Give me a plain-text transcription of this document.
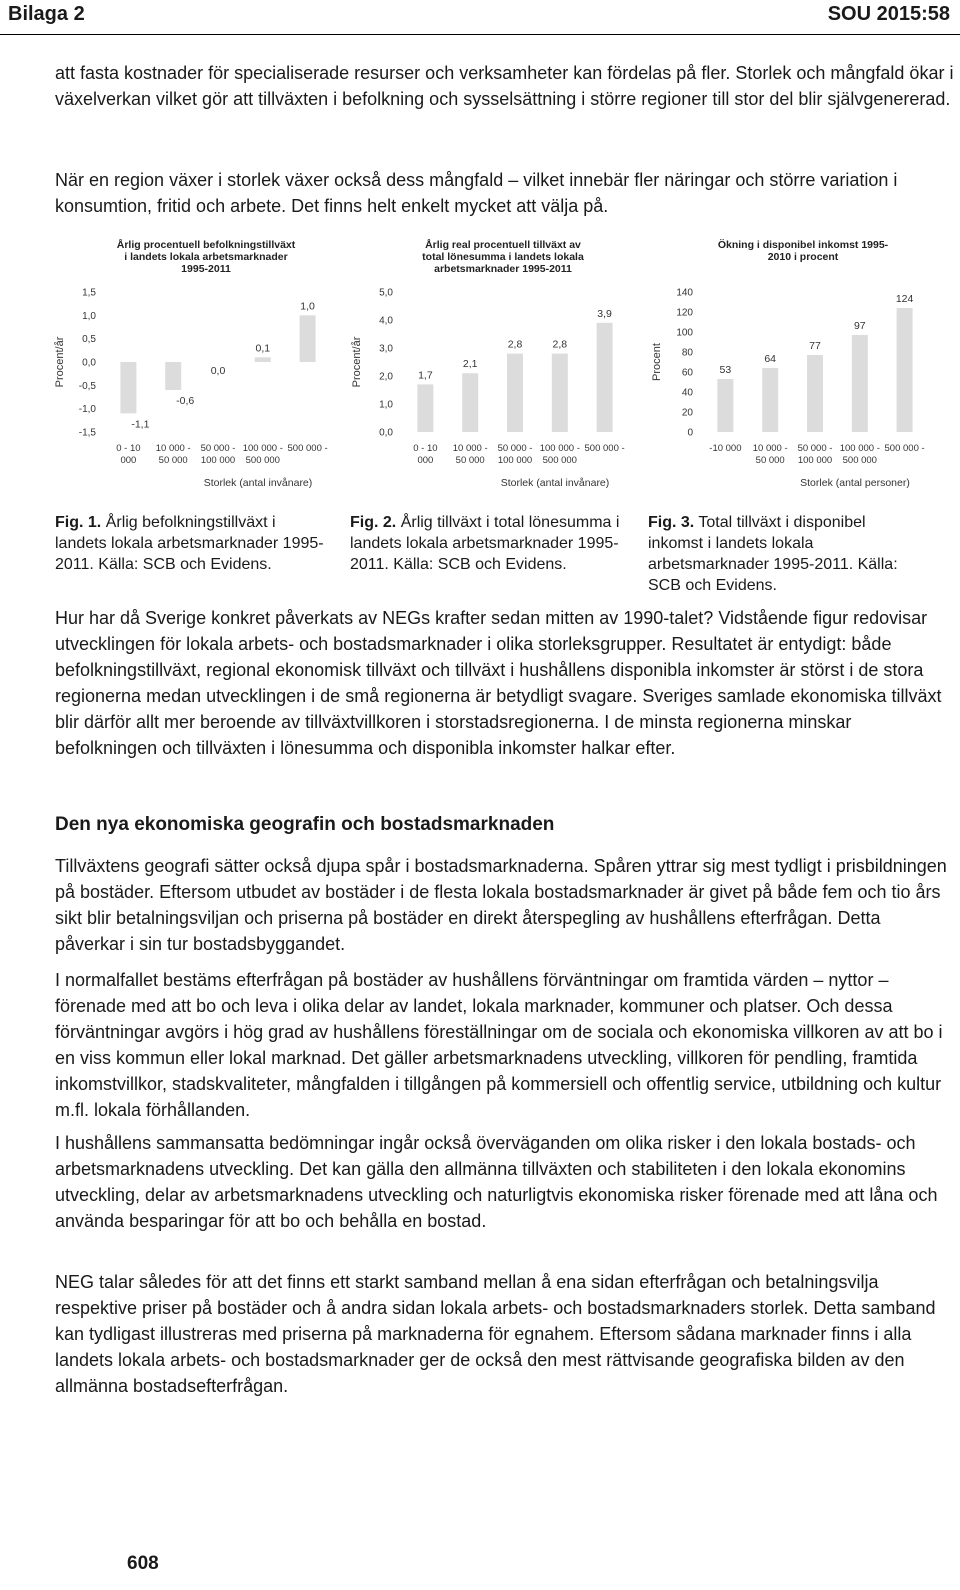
Bilaga 2	SOU 2015:58

att fasta kostnader för specialiserade resurser och verksamheter kan fördelas på fler. Storlek och mångfald ökar i växelverkan vilket gör att tillväxten i befolkning och sysselsättning i större regioner till stor del blir självgenererad.

När en region växer i storlek växer också dess mångfald – vilket innebär fler näringar och större variation i konsumtion, fritid och arbete. Det finns helt enkelt mycket att välja på.

Årlig procentuell befolkningstillväxt
i landets lokala arbetsmarknader
1995-2011
Procent/år
1,5
1,0
0,5
0,0
-0,5
-1,0
-1,5
-1,1
0 - 10
000
-0,6
10 000 -
50 000
0,0
50 000 -
100 000
0,1
100 000 -
500 000
1,0
500 000 -
Storlek (antal invånare)
Årlig real procentuell tillväxt av
total lönesumma i landets lokala
arbetsmarknader 1995-2011
Procent/år
5,0
4,0
3,0
2,0
1,0
0,0
1,7
0 - 10
000
2,1
10 000 -
50 000
2,8
50 000 -
100 000
2,8
100 000 -
500 000
3,9
500 000 -
Storlek (antal invånare)
Ökning i disponibel inkomst 1995-
2010 i procent
Procent
140
120
100
80
60
40
20
0
53
-10 000
64
10 000 -
50 000
77
50 000 -
100 000
97
100 000 -
500 000
124
500 000 -
Storlek (antal personer)

Fig. 1. Årlig befolkningstillväxt i landets lokala arbetsmarknader 1995-2011. Källa: SCB och Evidens.

Fig. 2. Årlig tillväxt i total lönesumma i landets lokala arbetsmarknader 1995-2011. Källa: SCB och Evidens.

Fig. 3. Total tillväxt i disponibel inkomst i landets lokala arbetsmarknader 1995-2011. Källa: SCB och Evidens.

Hur har då Sverige konkret påverkats av NEGs krafter sedan mitten av 1990-talet? Vidstående figur redovisar utvecklingen för lokala arbets- och bostadsmarknader i olika storleksgrupper. Resultatet är entydigt: både befolkningstillväxt, regional ekonomisk tillväxt och tillväxt i hushållens disponibla inkomster är störst i de stora regionerna medan utvecklingen i de små regionerna är betydligt svagare. Sveriges samlade ekonomiska tillväxt blir därför allt mer beroende av tillväxtvillkoren i storstadsregionerna. I de minsta regionerna minskar befolkningen och tillväxten i lönesumma och disponibla inkomster halkar efter.

Den nya ekonomiska geografin och bostadsmarknaden

Tillväxtens geografi sätter också djupa spår i bostadsmarknaderna. Spåren yttrar sig mest tydligt i prisbildningen på bostäder. Eftersom utbudet av bostäder i de flesta lokala bostadsmarknader är givet på både fem och tio års sikt blir betalningsviljan och priserna på bostäder en direkt återspegling av hushållens efterfrågan. Detta påverkar i sin tur bostadsbyggandet.

I normalfallet bestäms efterfrågan på bostäder av hushållens förväntningar om framtida värden – nyttor – förenade med att bo och leva i olika delar av landet, lokala marknader, kommuner och platser. Och dessa förväntningar avgörs i hög grad av hushållens föreställningar om de sociala och ekonomiska villkoren av att bo i en viss kommun eller lokal marknad. Det gäller arbetsmarknadens utveckling, villkoren för pendling, framtida inkomstvillkor, stadskvaliteter, mångfalden i tillgången på kommersiell och offentlig service, utbildning och kultur m.fl. lokala förhållanden.

I hushållens sammansatta bedömningar ingår också överväganden om olika risker i den lokala bostads- och arbetsmarknadens utveckling. Det kan gälla den allmänna tillväxten och stabiliteten i den lokala ekonomins utveckling, delar av arbetsmarknadens utveckling och naturligtvis ekonomiska risker förenade med att låna och använda besparingar för att bo och behålla en bostad.

NEG talar således för att det finns ett starkt samband mellan å ena sidan efterfrågan och betalningsvilja respektive priser på bostäder och å andra sidan lokala arbets- och bostadsmarknaders storlek. Detta samband kan tydligast illustreras med priserna på marknaderna för egnahem. Eftersom sådana marknader finns i alla landets lokala arbets- och bostadsmarknader ger de också den mest rättvisande geografiska bilden av den allmänna bostadsefterfrågan.

608
